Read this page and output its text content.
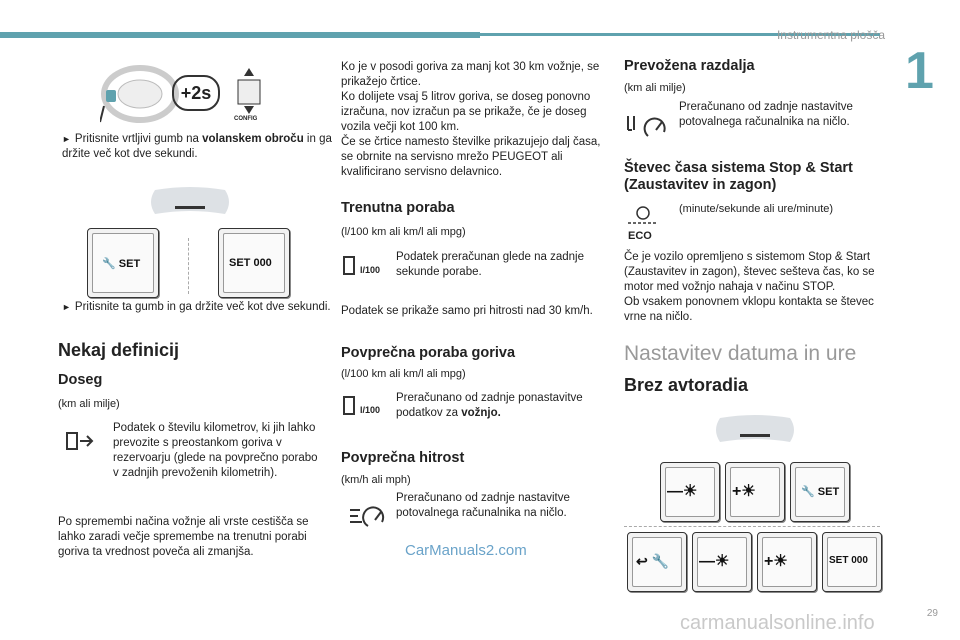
Instrumentna plošča
1
29
+2s
CONFIG
► Pritisnite vrtljivi gumb na volanskem obroču in ga držite več kot dve sekundi.
🔧 SET	SET 000
► Pritisnite ta gumb in ga držite več kot dve sekundi.
Nekaj definicij
Doseg
(km ali milje)
Podatek o številu kilometrov, ki jih lahko prevozite s preostankom goriva v rezervoarju (glede na povprečno porabo v zadnjih prevoženih kilometrih).
Po spremembi načina vožnje ali vrste cestišča se lahko zaradi večje spremembe na trenutni porabi goriva ta vrednost poveča ali zmanjša.
Ko je v posodi goriva za manj kot 30 km vožnje, se prikažejo črtice.
Ko dolijete vsaj 5 litrov goriva, se doseg ponovno izračuna, nov izračun pa se prikaže, če je doseg vozila večji kot 100 km.
Če se črtice namesto številke prikazujejo dalj časa, se obrnite na servisno mrežo PEUGEOT ali kvalificirano servisno delavnico.
Trenutna poraba
(l/100 km ali km/l ali mpg)
l/100
Podatek preračunan glede na zadnje sekunde porabe.
Podatek se prikaže samo pri hitrosti nad 30 km/h.
Povprečna poraba goriva
(l/100 km ali km/l ali mpg)
l/100
Preračunano od zadnje ponastavitve podatkov za vožnjo.
Povprečna hitrost
(km/h ali mph)
Preračunano od zadnje nastavitve potovalnega računalnika na ničlo.
CarManuals2.com
Prevožena razdalja
(km ali milje)
Preračunano od zadnje nastavitve potovalnega računalnika na ničlo.
Števec časa sistema Stop & Start (Zaustavitev in zagon)
(minute/sekunde ali ure/minute)
ECO
Če je vozilo opremljeno s sistemom Stop & Start (Zaustavitev in zagon), števec seštevа čas, ko se motor med vožnjo nahaja v načinu STOP.
Ob vsakem ponovnem vklopu kontakta se števec vrne na ničlo.
Nastavitev datuma in ure
Brez avtoradia
—☀ +☀	🔧 SET
↩ 🔧 —☀ +☀	SET 000
carmanualsonline.info
